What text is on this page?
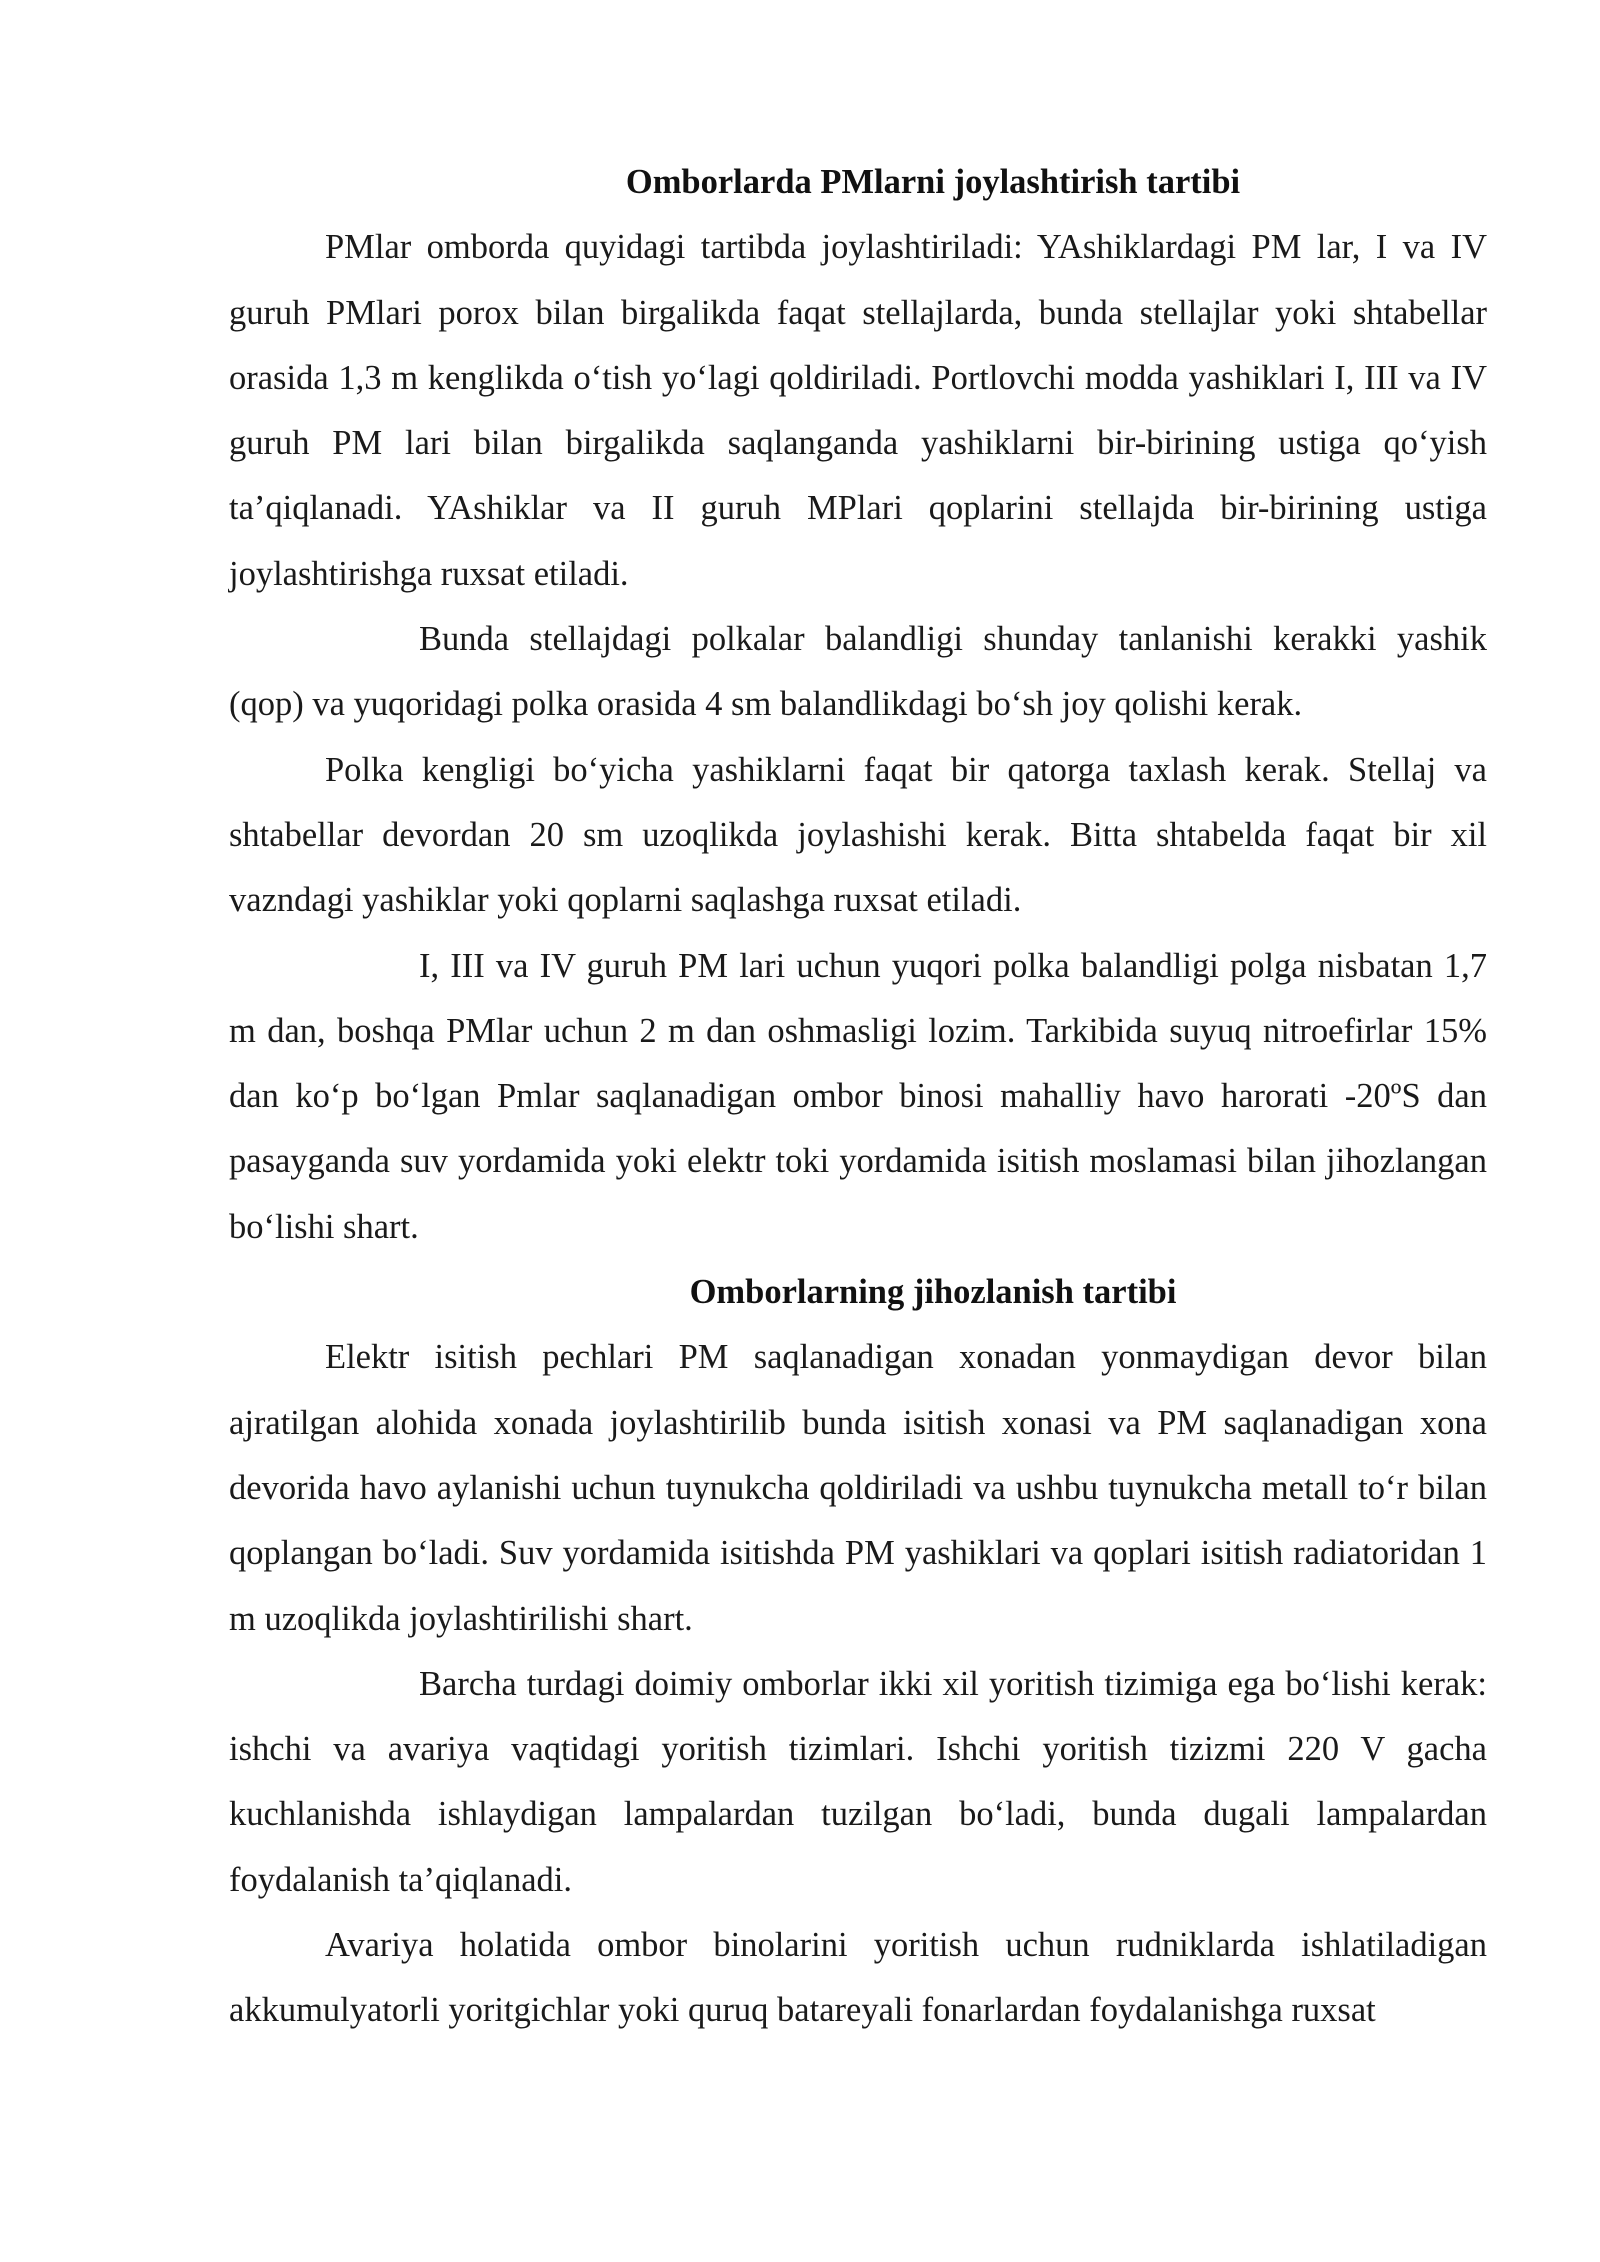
Omborlarda PMlarni joylashtirish tartibi

PMlar omborda quyidagi tartibda joylashtiriladi: YAshiklardagi PM lar, I va IV guruh PMlari porox bilan birgalikda faqat stellajlarda, bunda stellajlar yoki shtabellar orasida 1,3 m kenglikda o‘tish yo‘lagi qoldiriladi. Portlovchi modda yashiklari I, III va IV guruh PM lari bilan birgalikda saqlanganda yashiklarni bir-birining ustiga qo‘yish ta’qiqlanadi. YAshiklar va II guruh MPlari qoplarini stellajda bir-birining ustiga joylashtirishga ruxsat etiladi.

Bunda stellajdagi polkalar balandligi shunday tanlanishi kerakki yashik (qop) va yuqoridagi polka orasida 4 sm balandlikdagi bo‘sh joy qolishi kerak.

Polka kengligi bo‘yicha yashiklarni faqat bir qatorga taxlash kerak. Stellaj va shtabellar devordan 20 sm uzoqlikda joylashishi kerak. Bitta shtabelda faqat bir xil vazndagi yashiklar yoki qoplarni saqlashga ruxsat etiladi.

I, III va IV guruh PM lari uchun yuqori polka balandligi polga nisbatan 1,7 m dan, boshqa PMlar uchun 2 m dan oshmasligi lozim. Tarkibida suyuq nitroefirlar 15% dan ko‘p bo‘lgan Pmlar saqlanadigan ombor binosi mahalliy havo harorati -20ºS dan pasayganda suv yordamida yoki elektr toki yordamida isitish moslamasi bilan jihozlangan bo‘lishi shart.

Omborlarning jihozlanish tartibi

Elektr isitish pechlari PM saqlanadigan xonadan yonmaydigan devor bilan ajratilgan alohida xonada joylashtirilib bunda isitish xonasi va PM saqlanadigan xona devorida havo aylanishi uchun tuynukcha qoldiriladi va ushbu tuynukcha metall to‘r bilan qoplangan bo‘ladi. Suv yordamida isitishda PM yashiklari va qoplari isitish radiatoridan 1 m uzoqlikda joylashtirilishi shart.

Barcha turdagi doimiy omborlar ikki xil yoritish tizimiga ega bo‘lishi kerak: ishchi va avariya vaqtidagi yoritish tizimlari. Ishchi yoritish tizizmi 220 V gacha kuchlanishda ishlaydigan lampalardan tuzilgan bo‘ladi, bunda dugali lampalardan foydalanish ta’qiqlanadi.

Avariya holatida ombor binolarini yoritish uchun rudniklarda ishlatiladigan akkumulyatorli yoritgichlar yoki quruq batareyali fonarlardan foydalanishga ruxsat
